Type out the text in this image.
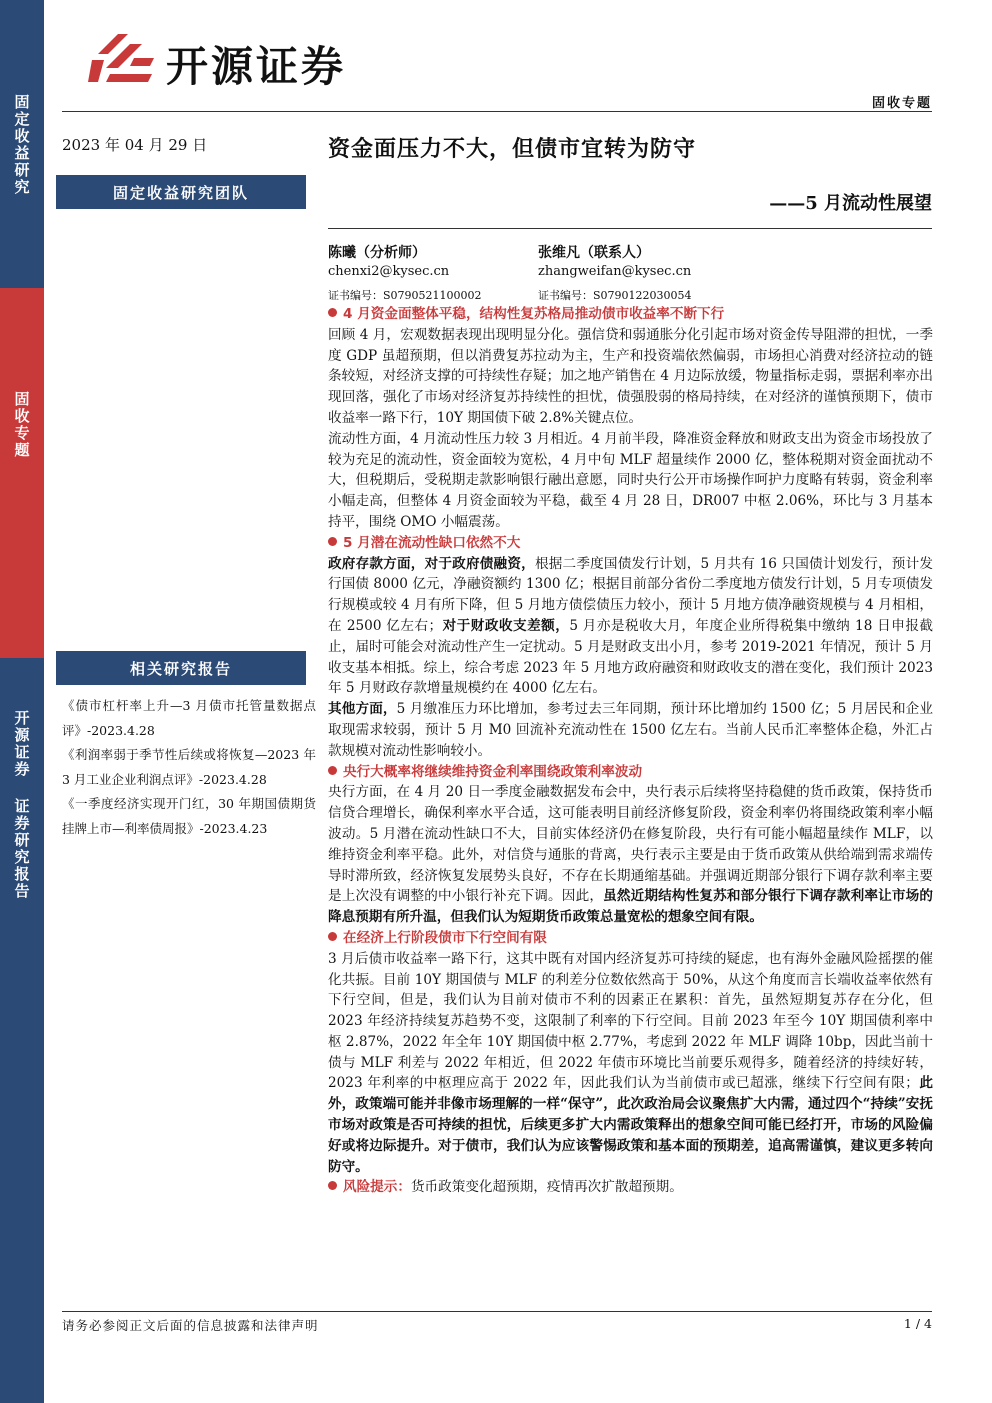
固定收益研究
固收专题
开源证券 证券研究报告
开源证券
固收专题
2023 年 04 月 29 日
固定收益研究团队
相关研究报告
《债市杠杆率上升—3 月债市托管量数据点评》-2023.4.28
《利润率弱于季节性后续或将恢复—2023 年 3 月工业企业利润点评》-2023.4.28
《一季度经济实现开门红，30 年期国债期货挂牌上市—利率债周报》-2023.4.23
资金面压力不大，但债市宜转为防守
——5 月流动性展望
陈曦（分析师）
chenxi2@kysec.cn
证书编号：S0790521100002
张维凡（联系人）
zhangweifan@kysec.cn
证书编号：S0790122030054
4 月资金面整体平稳，结构性复苏格局推动债市收益率不断下行
回顾 4 月，宏观数据表现出现明显分化。强信贷和弱通胀分化引起市场对资金传导阻滞的担忧，一季度 GDP 虽超预期，但以消费复苏拉动为主，生产和投资端依然偏弱，市场担心消费对经济拉动的链条较短，对经济支撑的可持续性存疑；加之地产销售在 4 月边际放缓，物量指标走弱，票据利率亦出现回落，强化了市场对经济复苏持续性的担忧，债强股弱的格局持续，在对经济的谨慎预期下，债市收益率一路下行，10Y 期国债下破 2.8%关键点位。
流动性方面，4 月流动性压力较 3 月相近。4 月前半段，降准资金释放和财政支出为资金市场投放了较为充足的流动性，资金面较为宽松，4 月中旬 MLF 超量续作 2000 亿，整体税期对资金面扰动不大，但税期后，受税期走款影响银行融出意愿，同时央行公开市场操作呵护力度略有转弱，资金利率小幅走高，但整体 4 月资金面较为平稳，截至 4 月 28 日，DR007 中枢 2.06%，环比与 3 月基本持平，围绕 OMO 小幅震荡。
5 月潜在流动性缺口依然不大
政府存款方面，对于政府债融资，根据二季度国债发行计划，5 月共有 16 只国债计划发行，预计发行国债 8000 亿元，净融资额约 1300 亿；根据目前部分省份二季度地方债发行计划，5 月专项债发行规模或较 4 月有所下降，但 5 月地方债偿债压力较小，预计 5 月地方债净融资规模与 4 月相相，在 2500 亿左右；对于财政收支差额，5 月亦是税收大月，年度企业所得税集中缴纳 18 日申报截止，届时可能会对流动性产生一定扰动。5 月是财政支出小月，参考 2019-2021 年情况，预计 5 月收支基本相抵。综上，综合考虑 2023 年 5 月地方政府融资和财政收支的潜在变化，我们预计 2023 年 5 月财政存款增量规模约在 4000 亿左右。
其他方面，5 月缴准压力环比增加，参考过去三年同期，预计环比增加约 1500 亿；5 月居民和企业取现需求较弱，预计 5 月 M0 回流补充流动性在 1500 亿左右。当前人民币汇率整体企稳，外汇占款规模对流动性影响较小。
央行大概率将继续维持资金利率围绕政策利率波动
央行方面，在 4 月 20 日一季度金融数据发布会中，央行表示后续将坚持稳健的货币政策，保持货币信贷合理增长，确保利率水平合适，这可能表明目前经济修复阶段，资金利率仍将围绕政策利率小幅波动。5 月潜在流动性缺口不大，目前实体经济仍在修复阶段，央行有可能小幅超量续作 MLF，以维持资金利率平稳。此外，对信贷与通胀的背离，央行表示主要是由于货币政策从供给端到需求端传导时滞所致，经济恢复发展势头良好，不存在长期通缩基础。并强调近期部分银行下调存款利率主要是上次没有调整的中小银行补充下调。因此，虽然近期结构性复苏和部分银行下调存款利率让市场的降息预期有所升温，但我们认为短期货币政策总量宽松的想象空间有限。
在经济上行阶段债市下行空间有限
3 月后债市收益率一路下行，这其中既有对国内经济复苏可持续的疑虑，也有海外金融风险摇摆的催化共振。目前 10Y 期国债与 MLF 的利差分位数依然高于 50%，从这个角度而言长端收益率依然有下行空间，但是，我们认为目前对债市不利的因素正在累积：首先，虽然短期复苏存在分化，但 2023 年经济持续复苏趋势不变，这限制了利率的下行空间。目前 2023 年至今 10Y 期国债利率中枢 2.87%，2022 年全年 10Y 期国债中枢 2.77%，考虑到 2022 年 MLF 调降 10bp，因此当前十债与 MLF 利差与 2022 年相近，但 2022 年债市环境比当前要乐观得多，随着经济的持续好转，2023 年利率的中枢理应高于 2022 年，因此我们认为当前债市或已超涨，继续下行空间有限；此外，政策端可能并非像市场理解的一样“保守”，此次政治局会议聚焦扩大内需，通过四个“持续”安抚市场对政策是否可持续的担忧，后续更多扩大内需政策释出的想象空间可能已经打开，市场的风险偏好或将边际提升。对于债市，我们认为应该警惕政策和基本面的预期差，追高需谨慎，建议更多转向防守。
风险提示：货币政策变化超预期，疫情再次扩散超预期。
请务必参阅正文后面的信息披露和法律声明	1 / 4
